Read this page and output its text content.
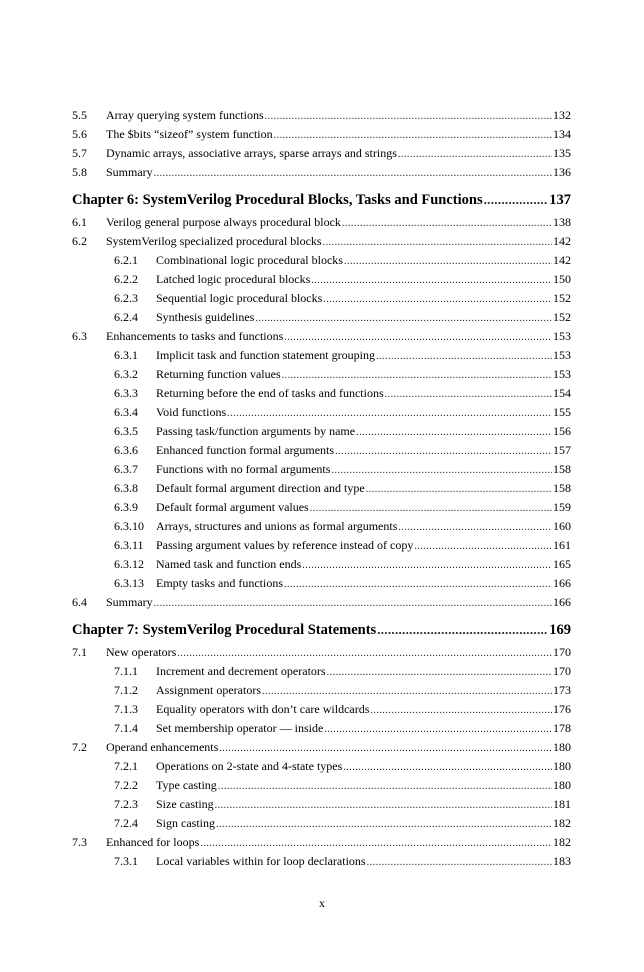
5.5	Array querying system functions .....	132
5.6	The $bits “sizeof” system function .....	134
5.7	Dynamic arrays, associative arrays, sparse arrays and strings .....	135
5.8	Summary .....	136
Chapter 6: SystemVerilog Procedural Blocks, Tasks and Functions .....	137
6.1	Verilog general purpose always procedural block .....	138
6.2	SystemVerilog specialized procedural blocks .....	142
6.2.1	Combinational logic procedural blocks .....	142
6.2.2	Latched logic procedural blocks .....	150
6.2.3	Sequential logic procedural blocks .....	152
6.2.4	Synthesis guidelines .....	152
6.3	Enhancements to tasks and functions .....	153
6.3.1	Implicit task and function statement grouping .....	153
6.3.2	Returning function values .....	153
6.3.3	Returning before the end of tasks and functions .....	154
6.3.4	Void functions .....	155
6.3.5	Passing task/function arguments by name .....	156
6.3.6	Enhanced function formal arguments .....	157
6.3.7	Functions with no formal arguments .....	158
6.3.8	Default formal argument direction and type .....	158
6.3.9	Default formal argument values .....	159
6.3.10	Arrays, structures and unions as formal arguments .....	160
6.3.11	Passing argument values by reference instead of copy .....	161
6.3.12	Named task and function ends .....	165
6.3.13	Empty tasks and functions .....	166
6.4	Summary .....	166
Chapter 7: SystemVerilog Procedural Statements .....	169
7.1	New operators .....	170
7.1.1	Increment and decrement operators .....	170
7.1.2	Assignment operators .....	173
7.1.3	Equality operators with don’t care wildcards .....	176
7.1.4	Set membership operator — inside .....	178
7.2	Operand enhancements .....	180
7.2.1	Operations on 2-state and 4-state types .....	180
7.2.2	Type casting .....	180
7.2.3	Size casting .....	181
7.2.4	Sign casting .....	182
7.3	Enhanced for loops .....	182
7.3.1	Local variables within for loop declarations .....	183
x
